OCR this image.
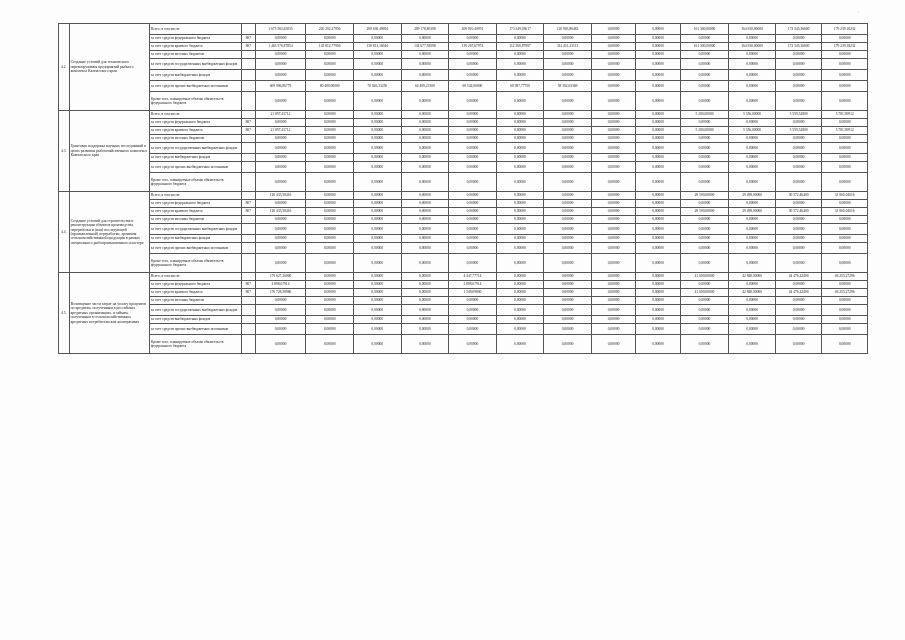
'
.
4.2.	Создание условий для технического перевооружения предприятий рыбного комплекса Камчатского края	Всего, в том числе:		1 673 582,45035	226 292,27956	208 638,49694	209 178,80398	208 810,40974	173 349,03617	120 803,86482	0,00000	0,00000	161 300,00000	164 810,00000	172 345,36600	179 239,18232
		за счет средств федерального бюджета	807	0,00000	0,00000	0,00000	0,00000	0,00000	0,00000	0,00000	0,00000	0,00000	0,00000	0,00000	0,00000	0,00000
		за счет средств краевого бюджета	807	1 463 576,87854	145 812,77956	138 813,16044	144 677,58598	139 267,67974	112 360,87997	312 411,23113	0,00000	0,00000	161 300,00000	164 810,00000	172 345,36600	179 239,18232
		за счет средств местных бюджетов		0,00000	0,00000	0,00000	0,00000	0,00000	0,00000	0,00000	0,00000	0,00000	0,00000	0,00000	0,00000	0,00000
		за счет средств государственных внебюджетных фондов		0,00000	0,00000	0,00000	0,00000	0,00000	0,00000	0,00000	0,00000	0,00000	0,00000	0,00000	0,00000	0,00000
		за счет средств внебюджетных фондов		0,00000	0,00000	0,00000	0,00000	0,00000	0,00000	0,00000	0,00000	0,00000	0,00000	0,00000	0,00000	0,00000
		за счет средств прочих внебюджетных источников		409 906,86779	80 480,00000	70 026,33250	64 499,21500	69 542,00000	60 987,77750	58 392,63369	0,00000	0,00000	0,00000	0,00000	0,00000	0,00000
		Кроме того, планируемые объемы обязательств федерального бюджета		0,00000	0,00000	0,00000	0,00000	0,00000	0,00000	0,00000	0,00000	0,00000	0,00000	0,00000	0,00000	0,00000
4.3.	Грантовая поддержка научных исследований в целях развития рыбохозяйственного комплекса Камчатского края	Всего, в том числе:		21 897,43712	0,00000	0,00000	0,00000	0,00000	0,00000	0,00000	0,00000	0,00000	5 200,00000	5 356,00000	5 559,52800	5 781,90912
		за счет средств федерального бюджета	807	0,00000	0,00000	0,00000	0,00000	0,00000	0,00000	0,00000	0,00000	0,00000	0,00000	0,00000	0,00000	0,00000
		за счет средств краевого бюджета	807	21 897,43712	0,00000	0,00000	0,00000	0,00000	0,00000	0,00000	0,00000	0,00000	5 200,00000	5 356,00000	5 559,52800	5 781,90912
		за счет средств местных бюджетов		0,00000	0,00000	0,00000	0,00000	0,00000	0,00000	0,00000	0,00000	0,00000	0,00000	0,00000	0,00000	0,00000
		за счет средств государственных внебюджетных фондов		0,00000	0,00000	0,00000	0,00000	0,00000	0,00000	0,00000	0,00000	0,00000	0,00000	0,00000	0,00000	0,00000
		за счет средств внебюджетных фондов		0,00000	0,00000	0,00000	0,00000	0,00000	0,00000	0,00000	0,00000	0,00000	0,00000	0,00000	0,00000	0,00000
		за счет средств прочих внебюджетных источников		0,00000	0,00000	0,00000	0,00000	0,00000	0,00000	0,00000	0,00000	0,00000	0,00000	0,00000	0,00000	0,00000
		Кроме того, планируемые объемы обязательств федерального бюджета		0,00000	0,00000	0,00000	0,00000	0,00000	0,00000	0,00000	0,00000	0,00000	0,00000	0,00000	0,00000	0,00000
4.4.	Создание условий для строительства и реконструкции объектов производства, переработки и (или) последующей (промышленной) переработки, хранения сельскохозяйственной продукции в рамках специального рыбопромышленного кластера	Всего, в том числе:		120 435,50416	0,00000	0,00000	0,00000	0,00000	0,00000	0,00000	0,00000	0,00000	28 500,00000	29 498,00000	30 572,46400	31 865,04016
		за счет средств федерального бюджета	807	0,00000	0,00000	0,00000	0,00000	0,00000	0,00000	0,00000	0,00000	0,00000	0,00000	0,00000	0,00000	0,00000
		за счет средств краевого бюджета	807	120 435,50416	0,00000	0,00000	0,00000	0,00000	0,00000	0,00000	0,00000	0,00000	28 500,00000	29 498,00000	30 572,46400	31 865,04016
		за счет средств местных бюджетов		0,00000	0,00000	0,00000	0,00000	0,00000	0,00000	0,00000	0,00000	0,00000	0,00000	0,00000	0,00000	0,00000
		за счет средств государственных внебюджетных фондов		0,00000	0,00000	0,00000	0,00000	0,00000	0,00000	0,00000	0,00000	0,00000	0,00000	0,00000	0,00000	0,00000
		за счет средств внебюджетных фондов		0,00000	0,00000	0,00000	0,00000	0,00000	0,00000	0,00000	0,00000	0,00000	0,00000	0,00000	0,00000	0,00000
		за счет средств прочих внебюджетных источников		0,00000	0,00000	0,00000	0,00000	0,00000	0,00000	0,00000	0,00000	0,00000	0,00000	0,00000	0,00000	0,00000
		Кроме того, планируемые объемы обязательств федерального бюджета		0,00000	0,00000	0,00000	0,00000	0,00000	0,00000	0,00000	0,00000	0,00000	0,00000	0,00000	0,00000	0,00000
4.5.	Возмещение части затрат на уплату процентов по кредитам, полученным в российских кредитных организациях, и займам, полученным в сельскохозяйственных кредитных потребительских кооперативах	Всего, в том числе:		179 627,26900	0,00000	0,00000	0,00000	4 447,77714	0,00000	0,00000	0,00000	0,00000	41 600,00000	42 848,00000	44 476,22400	46 255,27296
		за счет средств федерального бюджета	807	2 898,67914	0,00000	0,00000	0,00000	2 898,67914	0,00000	0,00000	0,00000	0,00000	0,00000	0,00000	0,00000	0,00000
		за счет средств краевого бюджета	807	176 728,58986	0,00000	0,00000	0,00000	1 549,09800	0,00000	0,00000	0,00000	0,00000	41 600,00000	42 848,00000	44 476,22400	46 255,27296
		за счет средств местных бюджетов		0,00000	0,00000	0,00000	0,00000	0,00000	0,00000	0,00000	0,00000	0,00000	0,00000	0,00000	0,00000	0,00000
		за счет средств государственных внебюджетных фондов		0,00000	0,00000	0,00000	0,00000	0,00000	0,00000	0,00000	0,00000	0,00000	0,00000	0,00000	0,00000	0,00000
		за счет средств внебюджетных фондов		0,00000	0,00000	0,00000	0,00000	0,00000	0,00000	0,00000	0,00000	0,00000	0,00000	0,00000	0,00000	0,00000
		за счет средств прочих внебюджетных источников		0,00000	0,00000	0,00000	0,00000	0,00000	0,00000	0,00000	0,00000	0,00000	0,00000	0,00000	0,00000	0,00000
		Кроме того, планируемые объемы обязательств федерального бюджета		0,00000	0,00000	0,00000	0,00000	0,00000	0,00000	0,00000	0,00000	0,00000	0,00000	0,00000	0,00000	0,00000
